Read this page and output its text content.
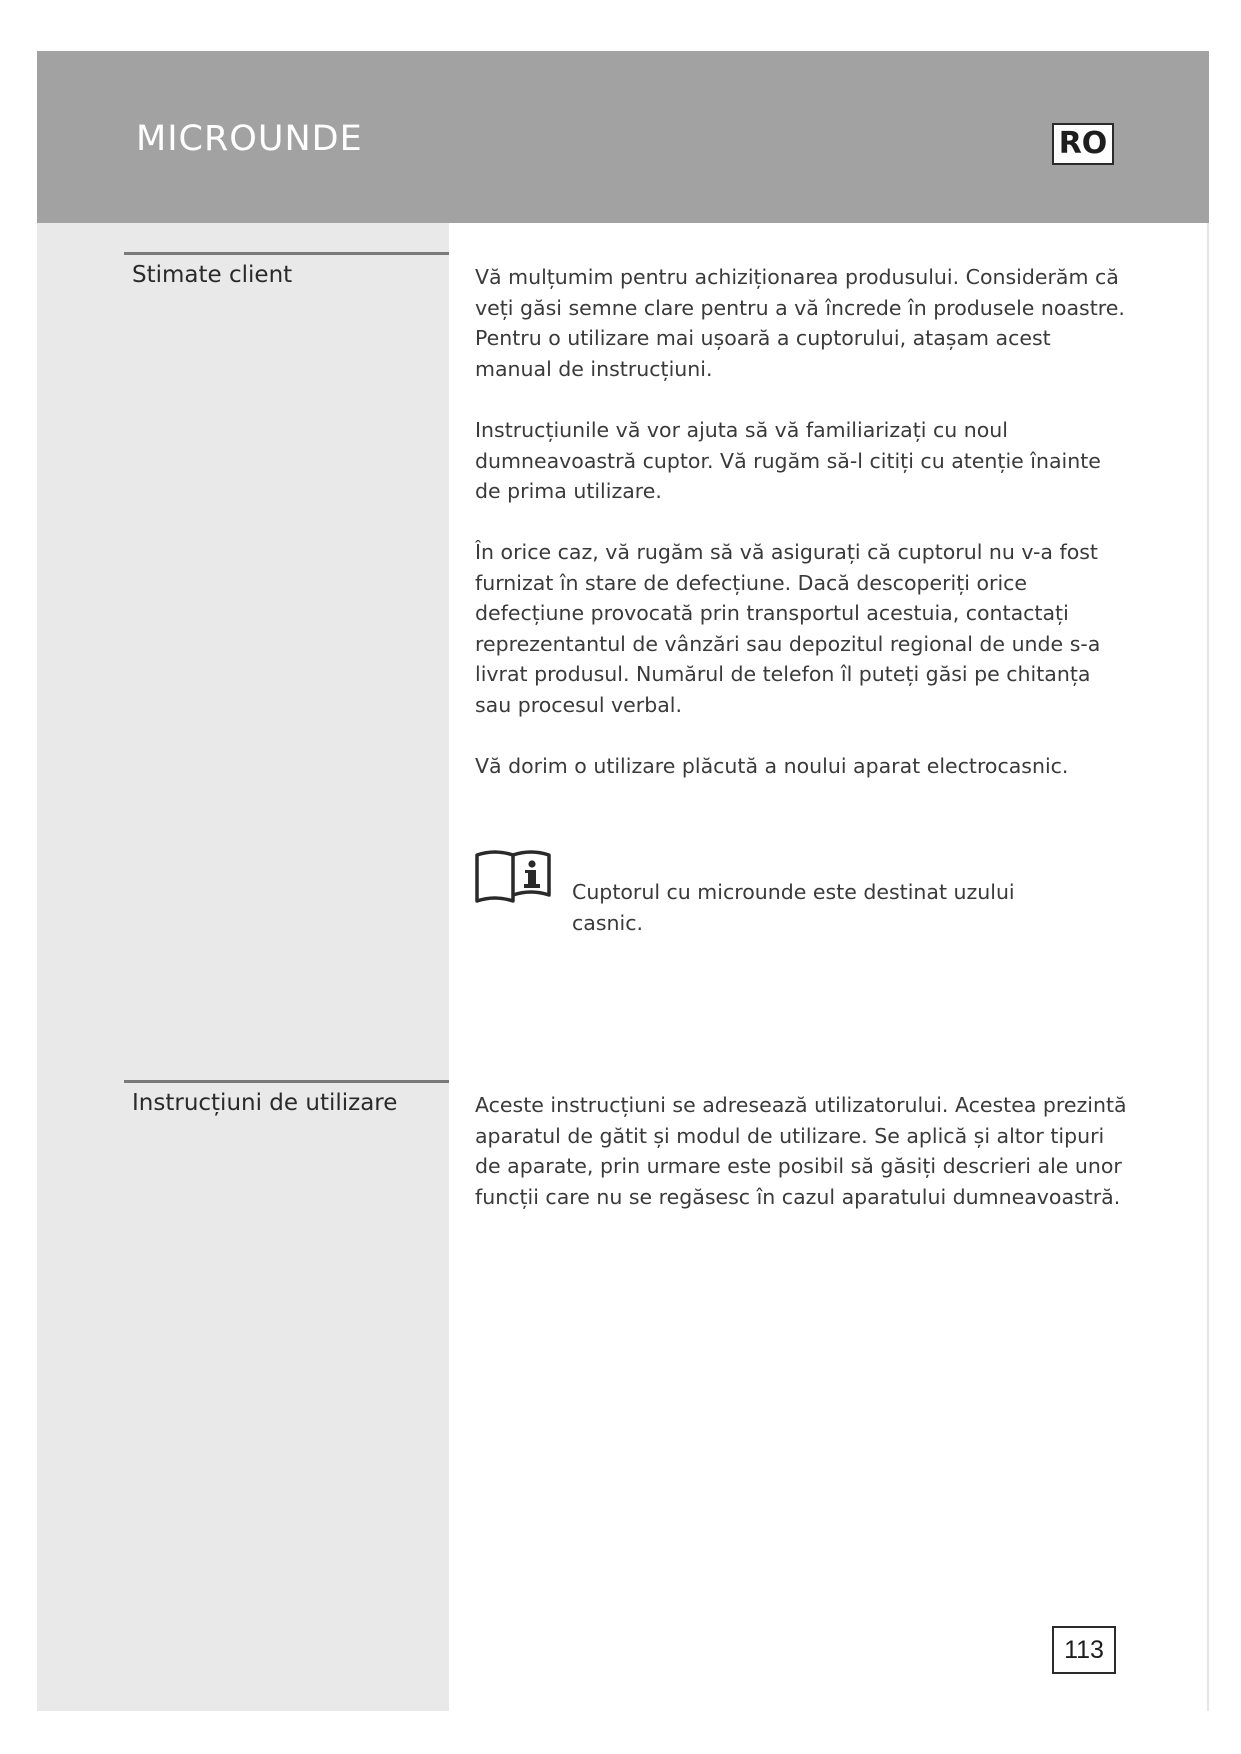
MICROUNDE	RO
Stimate client	Vă mulțumim pentru achiziționarea produsului. Considerăm că veți găsi semne clare pentru a vă încrede în produsele noastre. Pentru o utilizare mai ușoară a cuptorului, atașam acest manual de instrucțiuni.

Instrucțiunile vă vor ajuta să vă familiarizați cu noul dumneavoastră cuptor. Vă rugăm să-l citiți cu atenție înainte de prima utilizare.

În orice caz, vă rugăm să vă asigurați că cuptorul nu v-a fost furnizat în stare de defecțiune. Dacă descoperiți orice defecțiune provocată prin transportul acestuia, contactați reprezentantul de vânzări sau depozitul regional de unde s-a livrat produsul. Numărul de telefon îl puteți găsi pe chitanța sau procesul verbal.

Vă dorim o utilizare plăcută a noului aparat electrocasnic.

Cuptorul cu microunde este destinat uzului casnic.

Instrucțiuni de utilizare	Aceste instrucțiuni se adresează utilizatorului. Acestea prezintă aparatul de gătit și modul de utilizare. Se aplică și altor tipuri de aparate, prin urmare este posibil să găsiți descrieri ale unor funcții care nu se regăsesc în cazul aparatului dumneavoastră.

113
